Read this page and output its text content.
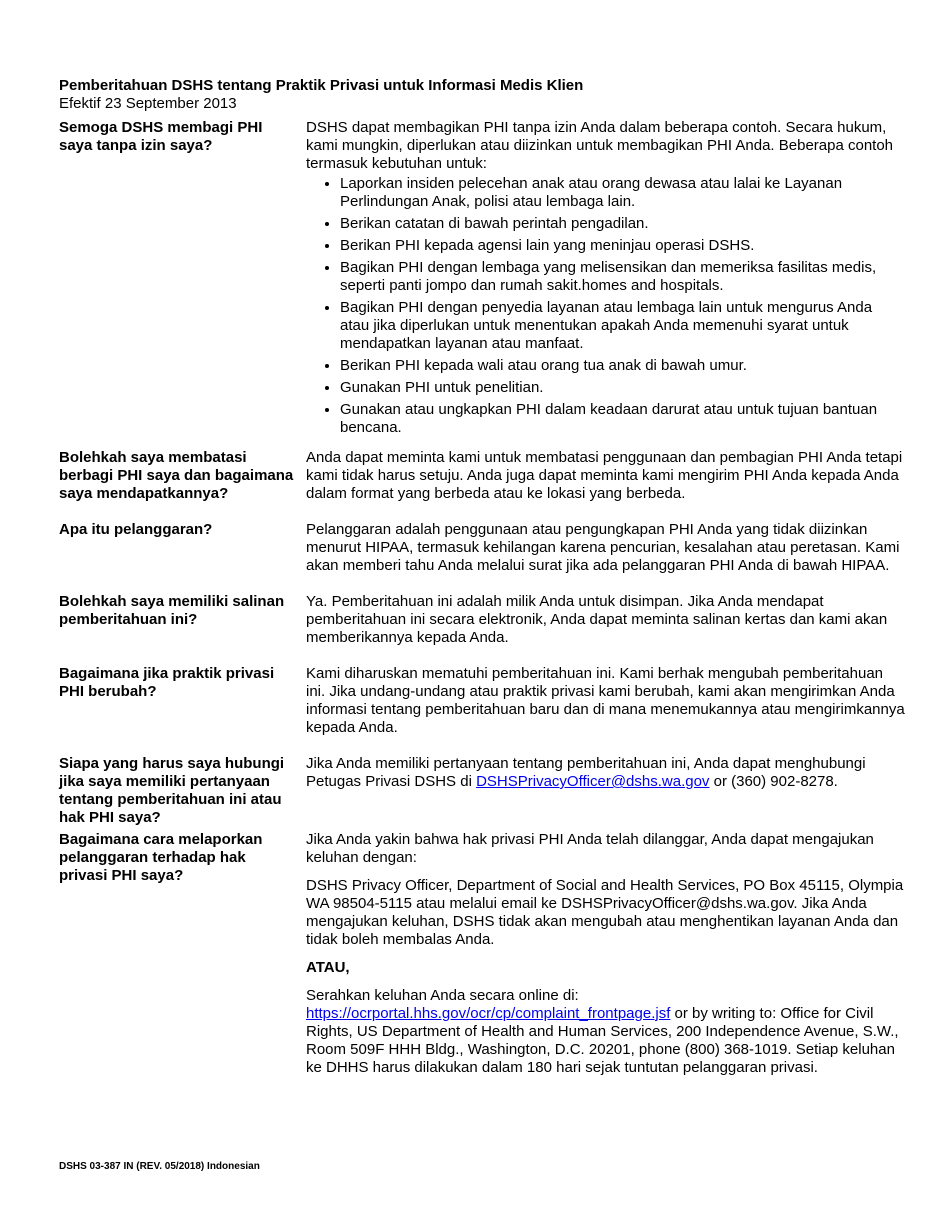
Pemberitahuan DSHS tentang Praktik Privasi untuk Informasi Medis Klien
Efektif 23 September 2013
Semoga DSHS membagi PHI saya tanpa izin saya?

DSHS dapat membagikan PHI tanpa izin Anda dalam beberapa contoh. Secara hukum, kami mungkin, diperlukan atau diizinkan untuk membagikan PHI Anda. Beberapa contoh termasuk kebutuhan untuk:

• Laporkan insiden pelecehan anak atau orang dewasa atau lalai ke Layanan Perlindungan Anak, polisi atau lembaga lain.
• Berikan catatan di bawah perintah pengadilan.
• Berikan PHI kepada agensi lain yang meninjau operasi DSHS.
• Bagikan PHI dengan lembaga yang melisensikan dan memeriksa fasilitas medis, seperti panti jompo dan rumah sakit.homes and hospitals.
• Bagikan PHI dengan penyedia layanan atau lembaga lain untuk mengurus Anda atau jika diperlukan untuk menentukan apakah Anda memenuhi syarat untuk mendapatkan layanan atau manfaat.
• Berikan PHI kepada wali atau orang tua anak di bawah umur.
• Gunakan PHI untuk penelitian.
• Gunakan atau ungkapkan PHI dalam keadaan darurat atau untuk tujuan bantuan bencana.
Bolehkah saya membatasi berbagi PHI saya dan bagaimana saya mendapatkannya?
Anda dapat meminta kami untuk membatasi penggunaan dan pembagian PHI Anda tetapi kami tidak harus setuju. Anda juga dapat meminta kami mengirim PHI Anda kepada Anda dalam format yang berbeda atau ke lokasi yang berbeda.
Apa itu pelanggaran?	Pelanggaran adalah penggunaan atau pengungkapan PHI Anda yang tidak diizinkan menurut HIPAA, termasuk kehilangan karena pencurian, kesalahan atau peretasan. Kami akan memberi tahu Anda melalui surat jika ada pelanggaran PHI Anda di bawah HIPAA.
Bolehkah saya memiliki salinan pemberitahuan ini?
Ya. Pemberitahuan ini adalah milik Anda untuk disimpan. Jika Anda mendapat pemberitahuan ini secara elektronik, Anda dapat meminta salinan kertas dan kami akan memberikannya kepada Anda.
Bagaimana jika praktik privasi PHI berubah?
Kami diharuskan mematuhi pemberitahuan ini. Kami berhak mengubah pemberitahuan ini. Jika undang-undang atau praktik privasi kami berubah, kami akan mengirimkan Anda informasi tentang pemberitahuan baru dan di mana menemukannya atau mengirimkannya kepada Anda.
Siapa yang harus saya hubungi jika saya memiliki pertanyaan tentang pemberitahuan ini atau hak PHI saya?
Jika Anda memiliki pertanyaan tentang pemberitahuan ini, Anda dapat menghubungi Petugas Privasi DSHS di DSHSPrivacyOfficer@dshs.wa.gov or (360) 902-8278.
Bagaimana cara melaporkan pelanggaran terhadap hak privasi PHI saya?

Jika Anda yakin bahwa hak privasi PHI Anda telah dilanggar, Anda dapat mengajukan keluhan dengan:

DSHS Privacy Officer, Department of Social and Health Services, PO Box 45115, Olympia WA 98504-5115 atau melalui email ke DSHSPrivacyOfficer@dshs.wa.gov. Jika Anda mengajukan keluhan, DSHS tidak akan mengubah atau menghentikan layanan Anda dan tidak boleh membalas Anda.

ATAU,

Serahkan keluhan Anda secara online di: https://ocrportal.hhs.gov/ocr/cp/complaint_frontpage.jsf or by writing to: Office for Civil Rights, US Department of Health and Human Services, 200 Independence Avenue, S.W., Room 509F HHH Bldg., Washington, D.C. 20201, phone (800) 368-1019. Setiap keluhan ke DHHS harus dilakukan dalam 180 hari sejak tuntutan pelanggaran privasi.

DSHS 03-387 IN (REV. 05/2018) Indonesian
